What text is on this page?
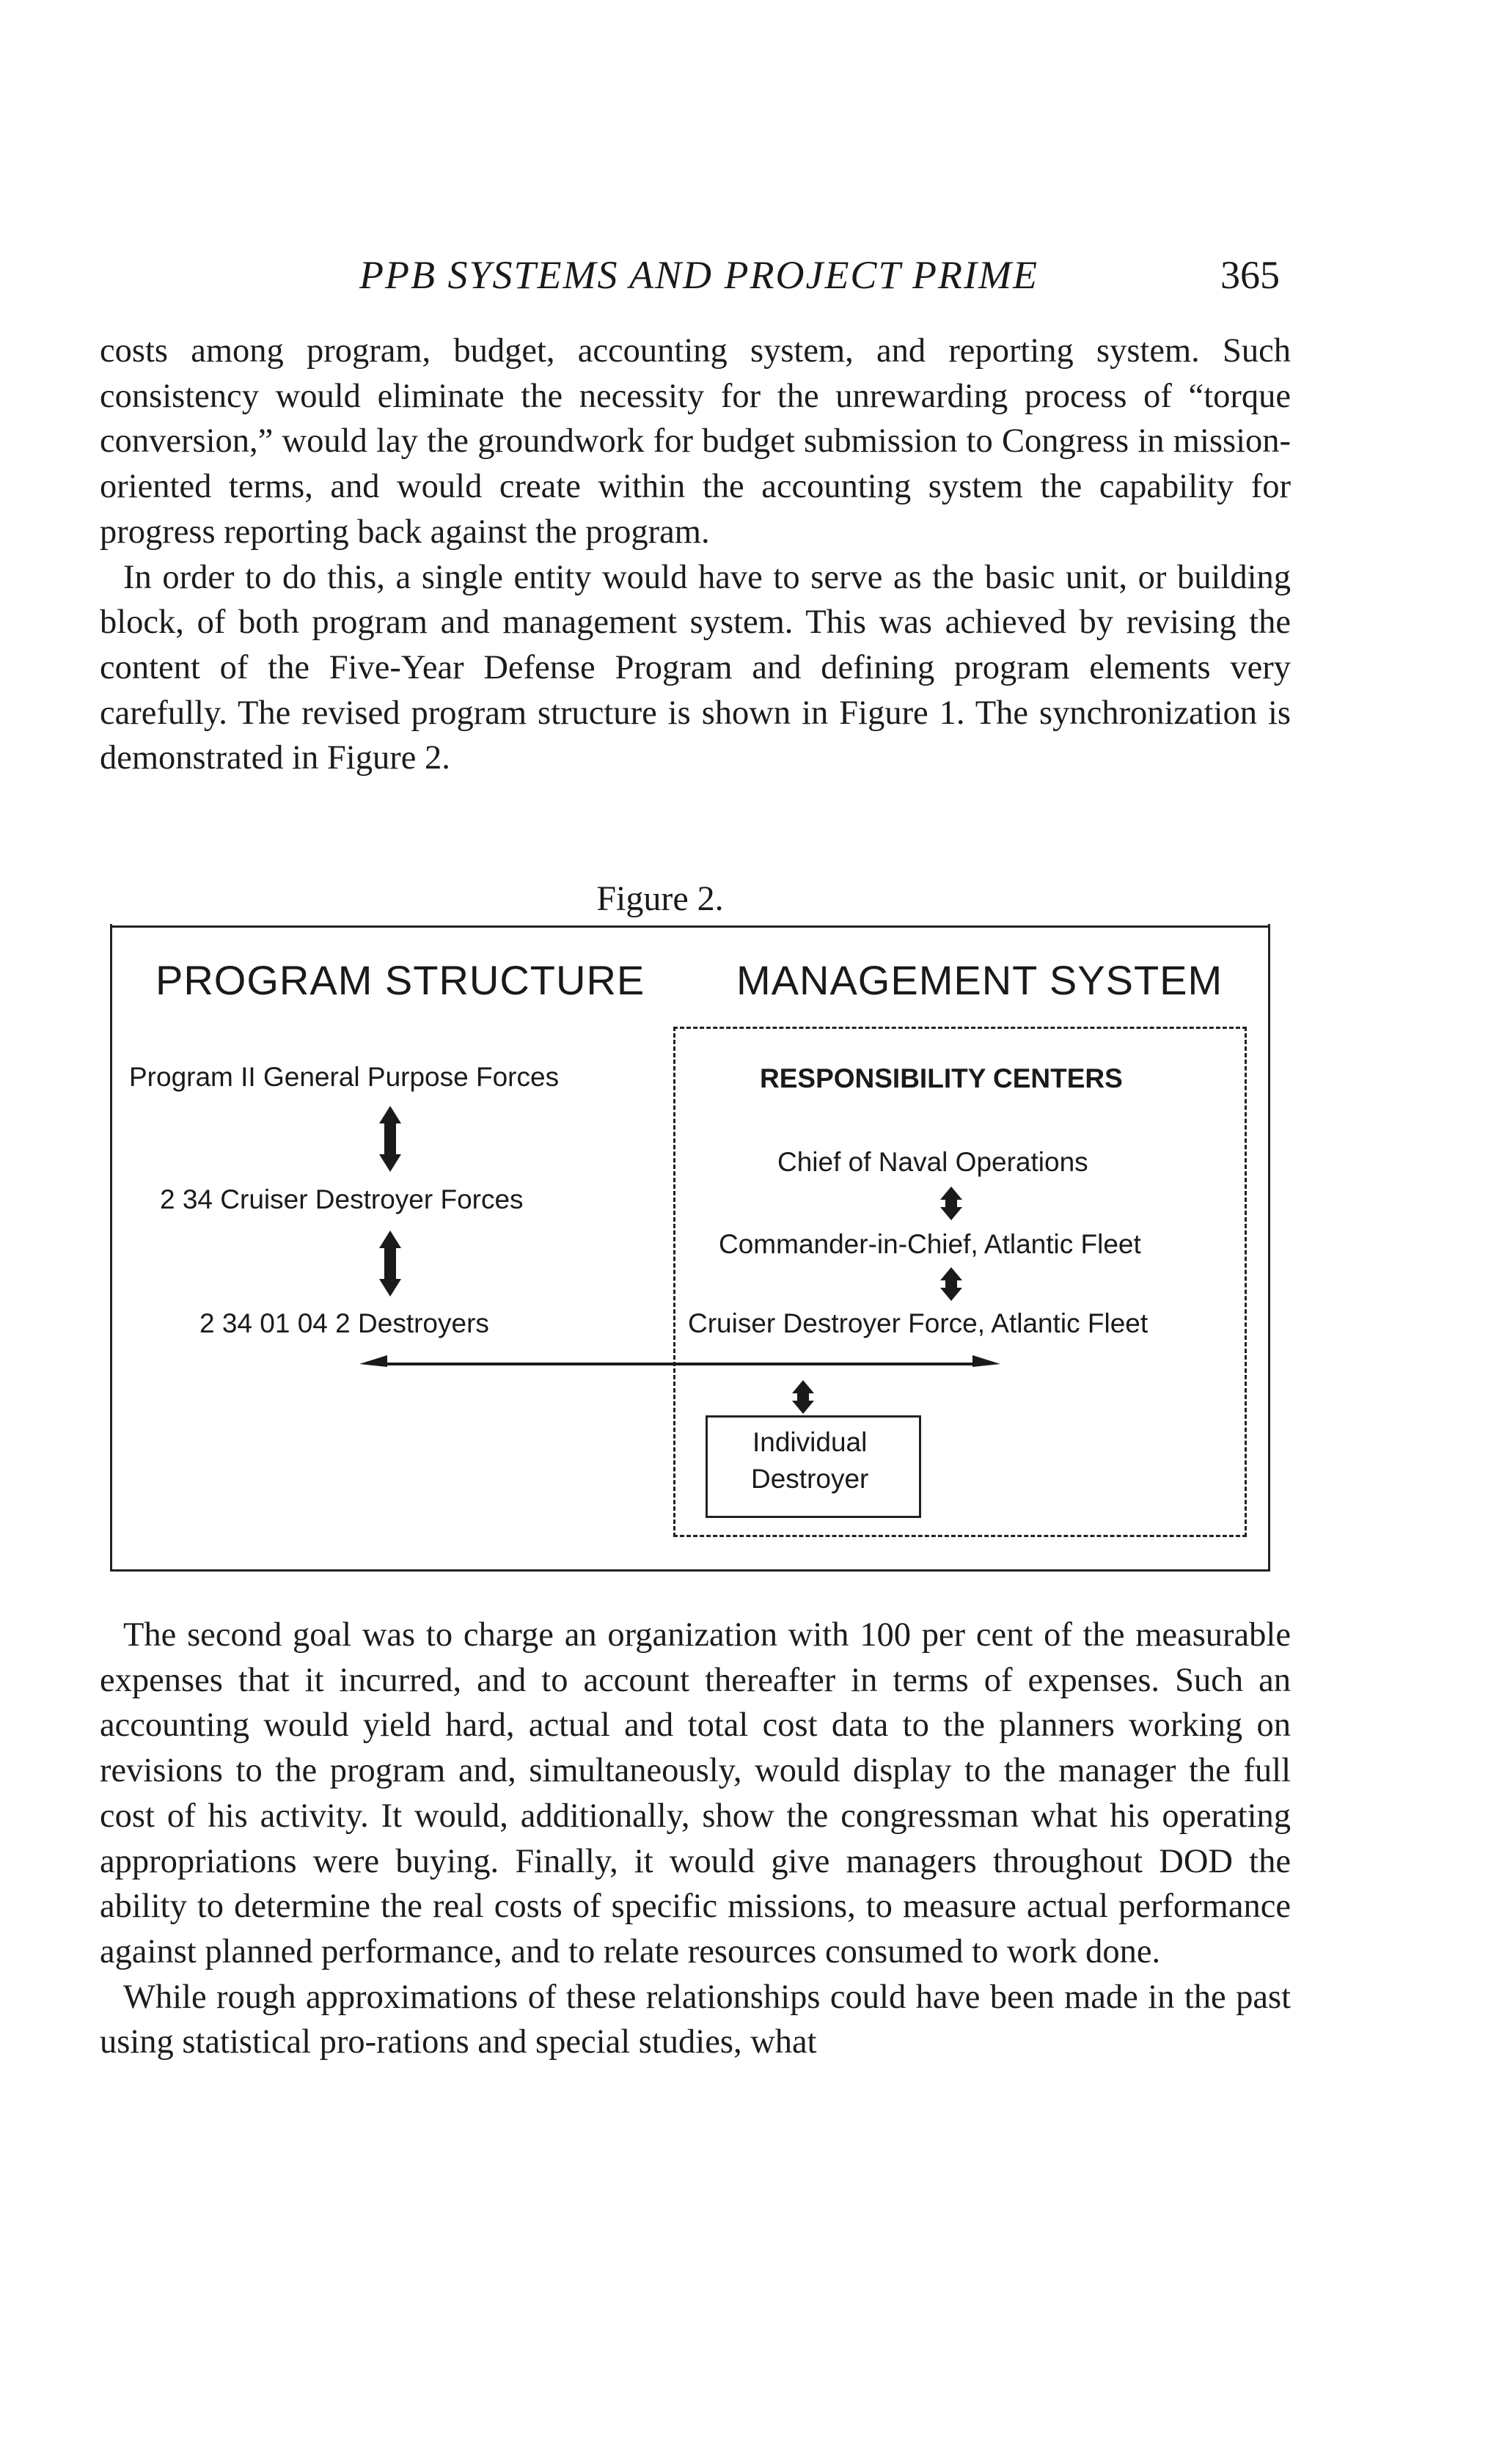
PPB SYSTEMS AND PROJECT PRIME	365

costs among program, budget, accounting system, and reporting system. Such consistency would eliminate the necessity for the unrewarding process of “torque conversion,” would lay the groundwork for budget submission to Congress in mission-oriented terms, and would create within the accounting system the capability for progress reporting back against the program.

In order to do this, a single entity would have to serve as the basic unit, or building block, of both program and management system. This was achieved by revising the content of the Five-Year Defense Program and defining program elements very carefully. The revised program structure is shown in Figure 1. The synchronization is demonstrated in Figure 2.

Figure 2.
PROGRAM STRUCTURE
Program II General Purpose Forces
2 34 Cruiser Destroyer Forces
2 34 01 04 2 Destroyers
MANAGEMENT SYSTEM
RESPONSIBILITY CENTERS
Chief of Naval Operations
Commander-in-Chief, Atlantic Fleet
Cruiser Destroyer Force, Atlantic Fleet
Individual
Destroyer

The second goal was to charge an organization with 100 per cent of the measurable expenses that it incurred, and to account thereafter in terms of expenses. Such an accounting would yield hard, actual and total cost data to the planners working on revisions to the program and, simultaneously, would display to the manager the full cost of his activity. It would, additionally, show the congressman what his operating appropriations were buying. Finally, it would give managers throughout DOD the ability to determine the real costs of specific missions, to measure actual performance against planned performance, and to relate resources consumed to work done.

While rough approximations of these relationships could have been made in the past using statistical pro-rations and special studies, what
